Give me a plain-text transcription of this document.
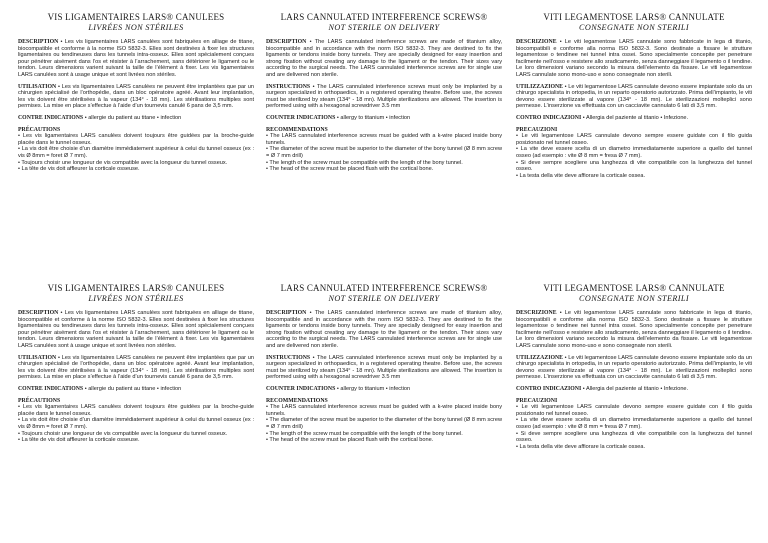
VIS LIGAMENTAIRES LARS® CANULEES
LIVRÉES NON STÉRILES
DESCRIPTION • Les vis ligamentaires LARS canulées sont fabriquées en alliage de titane, biocompatible et conforme à la norme ISO 5832-3. Elles sont destinées à fixer les structures ligamentaires ou tendineuses dans les tunnels intra-osseux. Elles sont spécialement conçues pour pénétrer aisément dans l’os et résister à l’arrachement, sans détériorer le ligament ou le tendon. Leurs dimensions varient suivant la taille de l’élément à fixer. Les vis ligamentaires LARS canulées sont à usage unique et sont livrées non stériles.
UTILISATION • Les vis ligamentaires LARS canulées ne peuvent être implantées que par un chirurgien spécialisé de l’orthopédie, dans un bloc opératoire agréé. Avant leur implantation, les vis doivent être stérilisées à la vapeur (134° - 18 mn). Les stérilisations multiples sont permises. La mise en place s’effectue à l’aide d’un tournevis canulé 6 pans de 3,5 mm.
CONTRE INDICATIONS • allergie du patient au titane • infection
PRÉCAUTIONS

• Les vis ligamentaires LARS canulées doivent toujours être guidées par la broche-guide placée dans le tunnel osseux.

• La vis doit être choisie d’un diamètre immédiatement supérieur à celui du tunnel osseux (ex : vis Ø 8mm = foret Ø 7 mm).

• Toujours choisir une longueur de vis compatible avec la longueur du tunnel osseux.

• La tête de vis doit affleurer la corticale osseuse.

LARS CANNULATED INTERFERENCE SCREWS®
NOT STERILE ON DELIVERY
DESCRIPTION • The LARS cannulated interference screws are made of titanium alloy, biocompatible and in accordance with the norm ISO 5832-3. They are destined to fix the ligaments or tendons inside bony tunnels. They are specially designed for easy insertion and strong fixation without creating any damage to the ligament or the tendon. Their sizes vary according to the surgical needs. The LARS cannulated interference screws are for single use and are delivered non sterile.
INSTRUCTIONS • The LARS cannulated interference screws must only be implanted by a surgeon specialized in orthopaedics, in a registered operating theatre. Before use, the screws must be sterilized by steam (134° - 18 mn). Multiple sterilizations are allowed. The insertion is performed using with a hexagonal screwdriver 3.5 mm
COUNTER INDICATIONS • allergy to titanium • infection
RECOMMENDATIONS

• The LARS cannulated interference screws must be guided with a k-wire placed inside bony tunnels.

• The diameter of the screw must be superior to the diameter of the bony tunnel (Ø 8 mm screw = Ø 7 mm drill)

• The length of the screw must be compatible with the length of the bony tunnel.

• The head of the screw must be placed flush with the cortical bone.

VITI LEGAMENTOSE LARS® CANNULATE
CONSEGNATE NON STERILI
DESCRIZIONE • Le viti legamentose LARS cannulate sono fabbricate in lega di titanio, biocompatibili e conforme alla norma ISO 5832-3. Sono destinate a fissare le strutture legamentose o tendinee nei tunnel intra ossei. Sono specialmente concepite per penetrare facilmente nell’osso e resistere allo sradicamento, senza danneggiare il legamento o il tendine. Le loro dimensioni variano secondo la misura dell’elemento da fissare. Le viti legamentose LARS cannulate sono mono-uso e sono consegnate non sterili.
UTILIZZAZIONE • Le viti legamentose LARS cannulate devono essere impiantate solo da un chirurgo specialista in ortopedia, in un reparto operatorio autorizzato. Prima dell’impianto, le viti devono essere sterilizzate al vapore (134° - 18 mn). Le sterilizzazioni molteplici sono permesse. L’inserzione va effettuata con un cacciavite cannulato 6 lati di 3,5 mm.
CONTRO INDICAZIONI • Allergia del paziente al titanio • Infezione.
PRECAUZIONI

• Le viti legamentose LARS cannulate devono sempre essere guidate con il filo guida posizionato nel tunnel osseo.

• La vite deve essere scelta di un diametro immediatamente superiore a quello del tunnel osseo (ad esempio : vite Ø 8 mm = fresa Ø 7 mm).

• Si deve sempre scegliere una lunghezza di vite compatibile con la lunghezza del tunnel osseo.

• La testa della vite deve affiorare la corticale ossea.

VIS LIGAMENTAIRES LARS® CANULEES
LIVRÉES NON STÉRILES
DESCRIPTION • Les vis ligamentaires LARS canulées sont fabriquées en alliage de titane, biocompatible et conforme à la norme ISO 5832-3. Elles sont destinées à fixer les structures ligamentaires ou tendineuses dans les tunnels intra-osseux. Elles sont spécialement conçues pour pénétrer aisément dans l’os et résister à l’arrachement, sans détériorer le ligament ou le tendon. Leurs dimensions varient suivant la taille de l’élément à fixer. Les vis ligamentaires LARS canulées sont à usage unique et sont livrées non stériles.
UTILISATION • Les vis ligamentaires LARS canulées ne peuvent être implantées que par un chirurgien spécialisé de l’orthopédie, dans un bloc opératoire agréé. Avant leur implantation, les vis doivent être stérilisées à la vapeur (134° - 18 mn). Les stérilisations multiples sont permises. La mise en place s’effectue à l’aide d’un tournevis canulé 6 pans de 3,5 mm.
CONTRE INDICATIONS • allergie du patient au titane • infection
PRÉCAUTIONS

• Les vis ligamentaires LARS canulées doivent toujours être guidées par la broche-guide placée dans le tunnel osseux.

• La vis doit être choisie d’un diamètre immédiatement supérieur à celui du tunnel osseux (ex : vis Ø 8mm = foret Ø 7 mm).

• Toujours choisir une longueur de vis compatible avec la longueur du tunnel osseux.

• La tête de vis doit affleurer la corticale osseuse.

LARS CANNULATED INTERFERENCE SCREWS®
NOT STERILE ON DELIVERY
DESCRIPTION • The LARS cannulated interference screws are made of titanium alloy, biocompatible and in accordance with the norm ISO 5832-3. They are destined to fix the ligaments or tendons inside bony tunnels. They are specially designed for easy insertion and strong fixation without creating any damage to the ligament or the tendon. Their sizes vary according to the surgical needs. The LARS cannulated interference screws are for single use and are delivered non sterile.
INSTRUCTIONS • The LARS cannulated interference screws must only be implanted by a surgeon specialized in orthopaedics, in a registered operating theatre. Before use, the screws must be sterilized by steam (134° - 18 mn). Multiple sterilizations are allowed. The insertion is performed using with a hexagonal screwdriver 3.5 mm
COUNTER INDICATIONS • allergy to titanium • infection
RECOMMENDATIONS

• The LARS cannulated interference screws must be guided with a k-wire placed inside bony tunnels.

• The diameter of the screw must be superior to the diameter of the bony tunnel (Ø 8 mm screw = Ø 7 mm drill)

• The length of the screw must be compatible with the length of the bony tunnel.

• The head of the screw must be placed flush with the cortical bone.

VITI LEGAMENTOSE LARS® CANNULATE
CONSEGNATE NON STERILI
DESCRIZIONE • Le viti legamentose LARS cannulate sono fabbricate in lega di titanio, biocompatibili e conforme alla norma ISO 5832-3. Sono destinate a fissare le strutture legamentose o tendinee nei tunnel intra ossei. Sono specialmente concepite per penetrare facilmente nell’osso e resistere allo sradicamento, senza danneggiare il legamento o il tendine. Le loro dimensioni variano secondo la misura dell’elemento da fissare. Le viti legamentose LARS cannulate sono mono-uso e sono consegnate non sterili.
UTILIZZAZIONE • Le viti legamentose LARS cannulate devono essere impiantate solo da un chirurgo specialista in ortopedia, in un reparto operatorio autorizzato. Prima dell’impianto, le viti devono essere sterilizzate al vapore (134° - 18 mn). Le sterilizzazioni molteplici sono permesse. L’inserzione va effettuata con un cacciavite cannulato 6 lati di 3,5 mm.
CONTRO INDICAZIONI • Allergia del paziente al titanio • Infezione.
PRECAUZIONI

• Le viti legamentose LARS cannulate devono sempre essere guidate con il filo guida posizionato nel tunnel osseo.

• La vite deve essere scelta di un diametro immediatamente superiore a quello del tunnel osseo (ad esempio : vite Ø 8 mm = fresa Ø 7 mm).

• Si deve sempre scegliere una lunghezza di vite compatibile con la lunghezza del tunnel osseo.

• La testa della vite deve affiorare la corticale ossea.
